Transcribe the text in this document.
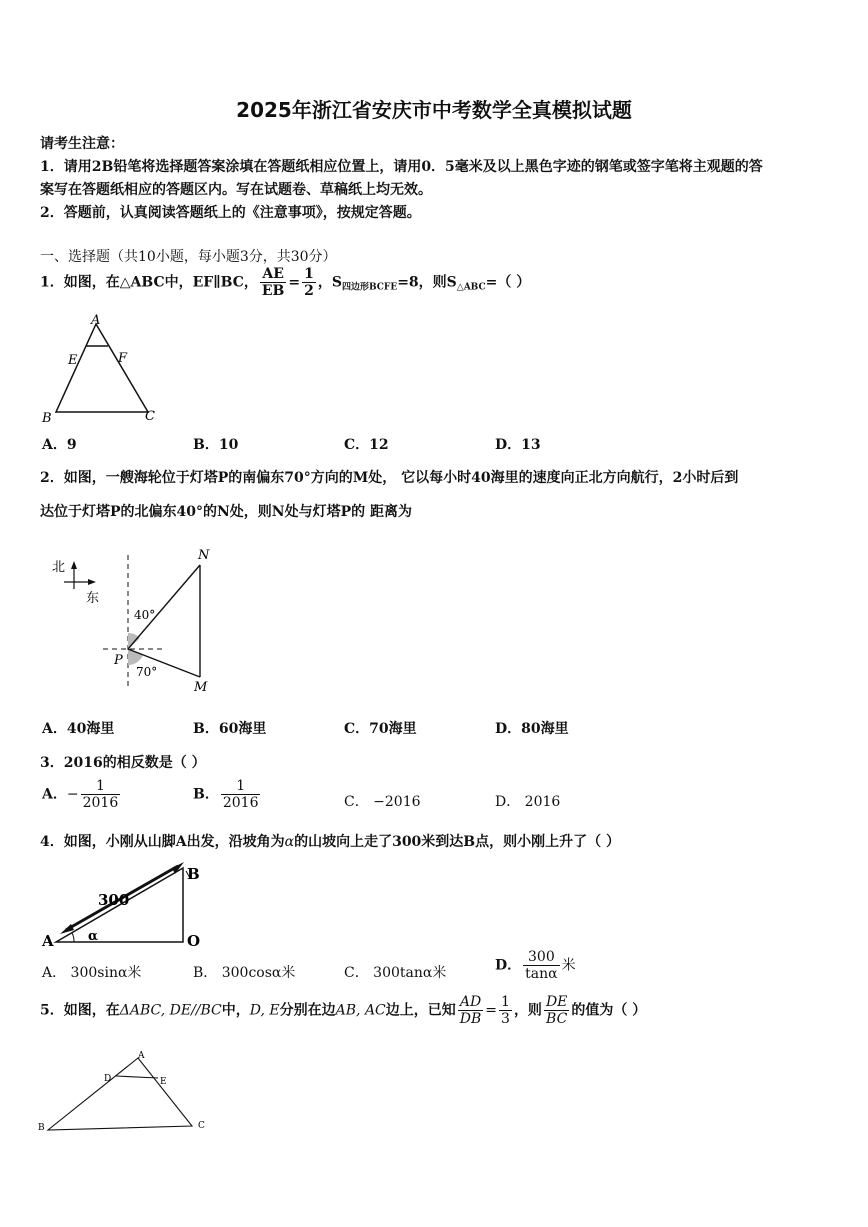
2025年浙江省安庆市中考数学全真模拟试题
请考生注意：
1．请用2B铅笔将选择题答案涂填在答题纸相应位置上，请用0．5毫米及以上黑色字迹的钢笔或签字笔将主观题的答
案写在答题纸相应的答题区内。写在试题卷、草稿纸上均无效。
2．答题前，认真阅读答题纸上的《注意事项》，按规定答题。
一、选择题（共10小题，每小题3分，共30分）
1．如图，在△ABC中，EF∥BC， $\frac{AE}{EB} = \frac{1}{2}$ ，$S_{四边形BCFE}=8$，则$S_{\triangle ABC}=$（ ）
A
E	F
B	C
A．9	B．10	C．12	D．13
2．如图，一艘海轮位于灯塔P的南偏东70°方向的M处， 它以每小时40海里的速度向正北方向航行，2小时后到
达位于灯塔P的北偏东40°的N处，则N处与灯塔P的 距离为
北
东
N
M
P
40°
70°
A．40海里	B．60海里	C．70海里	D．80海里
3．2016的相反数是（ ）
A．− $\frac{1}{2016}$	B． $\frac{1}{2016}$	C． −2016	D． 2016
4．如图，小刚从山脚A出发，沿坡角为α的山坡向上走了300米到达B点，则小刚上升了（ ）
A
B
O
300
α
A． 300sinα米	B． 300cosα米	C． 300tanα米	D． $\frac{300}{\tan\alpha}$ 米
5．如图，在ΔABC, DE//BC中，D, E分别在边AB, AC边上，已知 $\frac{AD}{DB} = \frac{1}{3}$ ，则 $\frac{DE}{BC}$ 的值为（ ）
A
D	E
B	C
